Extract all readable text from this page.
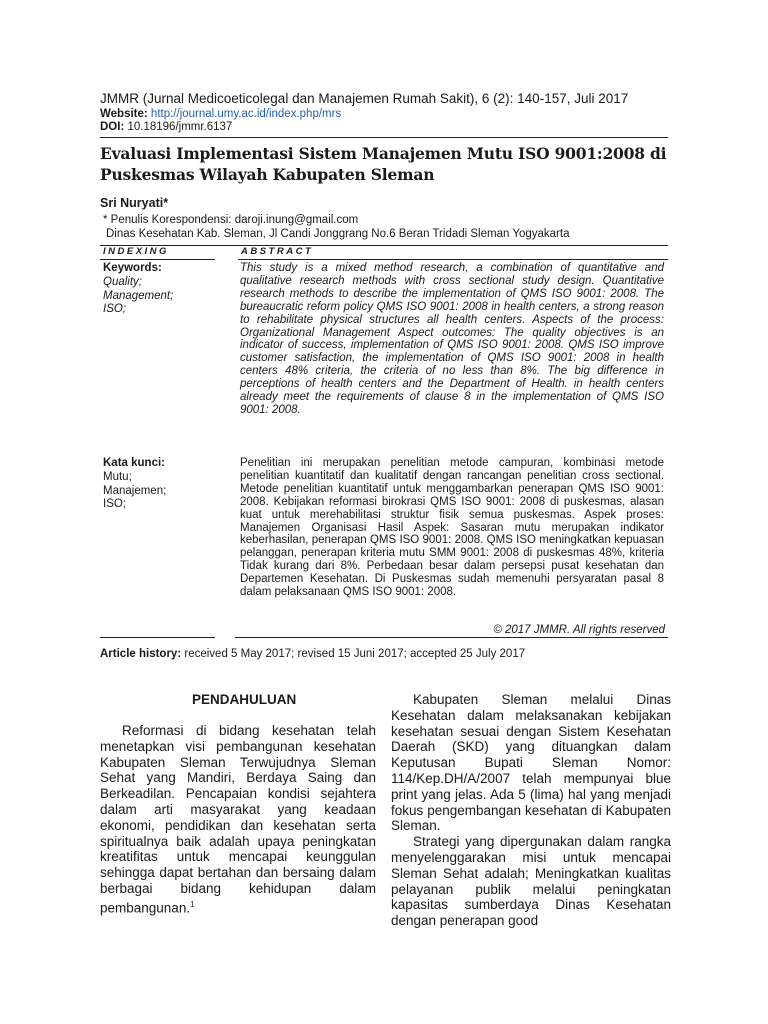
JMMR (Jurnal Medicoeticolegal dan Manajemen Rumah Sakit), 6 (2): 140-157, Juli 2017
Website: http://journal.umy.ac.id/index.php/mrs
DOI: 10.18196/jmmr.6137
Evaluasi Implementasi Sistem Manajemen Mutu ISO 9001:2008 di Puskesmas Wilayah Kabupaten Sleman
Sri Nuryati*
* Penulis Korespondensi: daroji.inung@gmail.com
Dinas Kesehatan Kab. Sleman, Jl Candi Jonggrang No.6 Beran Tridadi Sleman Yogyakarta
INDEXING	ABSTRACT
Keywords:
Quality;
Management;
ISO;
This study is a mixed method research, a combination of quantitative and qualitative research methods with cross sectional study design. Quantitative research methods to describe the implementation of QMS ISO 9001: 2008. The bureaucratic reform policy QMS ISO 9001: 2008 in health centers, a strong reason to rehabilitate physical structures all health centers. Aspects of the process: Organizational Management Aspect outcomes: The quality objectives is an indicator of success, implementation of QMS ISO 9001: 2008. QMS ISO improve customer satisfaction, the implementation of QMS ISO 9001: 2008 in health centers 48% criteria, the criteria of no less than 8%. The big difference in perceptions of health centers and the Department of Health. in health centers already meet the requirements of clause 8 in the implementation of QMS ISO 9001: 2008.
Kata kunci:
Mutu;
Manajemen;
ISO;
Penelitian ini merupakan penelitian metode campuran, kombinasi metode penelitian kuantitatif dan kualitatif dengan rancangan penelitian cross sectional. Metode penelitian kuantitatif untuk menggambarkan penerapan QMS ISO 9001: 2008. Kebijakan reformasi birokrasi QMS ISO 9001: 2008 di puskesmas, alasan kuat untuk merehabilitasi struktur fisik semua puskesmas. Aspek proses: Manajemen Organisasi Hasil Aspek: Sasaran mutu merupakan indikator keberhasilan, penerapan QMS ISO 9001: 2008. QMS ISO meningkatkan kepuasan pelanggan, penerapan kriteria mutu SMM 9001: 2008 di puskesmas 48%, kriteria Tidak kurang dari 8%. Perbedaan besar dalam persepsi pusat kesehatan dan Departemen Kesehatan. Di Puskesmas sudah memenuhi persyaratan pasal 8 dalam pelaksanaan QMS ISO 9001: 2008.
© 2017 JMMR. All rights reserved
Article history: received 5 May 2017; revised 15 Juni 2017; accepted 25 July 2017
PENDAHULUAN

Reformasi di bidang kesehatan telah menetapkan visi pembangunan kesehatan Kabupaten Sleman Terwujudnya Sleman Sehat yang Mandiri, Berdaya Saing dan Berkeadilan. Pencapaian kondisi sejahtera dalam arti masyarakat yang keadaan ekonomi, pendidikan dan kesehatan serta spiritualnya baik adalah upaya peningkatan kreatifitas untuk mencapai keunggulan sehingga dapat bertahan dan bersaing dalam berbagai bidang kehidupan dalam pembangunan.$^1$

Kabupaten Sleman melalui Dinas Kesehatan dalam melaksanakan kebijakan kesehatan sesuai dengan Sistem Kesehatan Daerah (SKD) yang dituangkan dalam Keputusan Bupati Sleman Nomor: 114/Kep.DH/A/2007 telah mempunyai blue print yang jelas. Ada 5 (lima) hal yang menjadi fokus pengembangan kesehatan di Kabupaten Sleman.

Strategi yang dipergunakan dalam rangka menyelenggarakan misi untuk mencapai Sleman Sehat adalah; Meningkatkan kualitas pelayanan publik melalui peningkatan kapasitas sumberdaya Dinas Kesehatan dengan penerapan good
